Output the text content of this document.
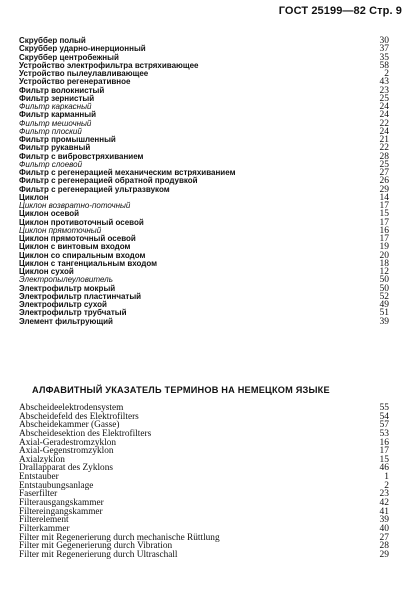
ГОСТ 25199—82 Стр. 9
Скруббер полый	30
Скруббер ударно-инерционный	37
Скруббер центробежный	35
Устройство электрофильтра встряхивающее	58
Устройство пылеулавливающее	2
Устройство регенеративное	43
Фильтр волокнистый	23
Фильтр зернистый	25
Фильтр каркасный	24
Фильтр карманный	24
Фильтр мешочный	22
Фильтр плоский	24
Фильтр промышленный	21
Фильтр рукавный	22
Фильтр с вибровстряхиванием	28
Фильтр слоевой	25
Фильтр с регенерацией механическим встряхиванием	27
Фильтр с регенерацией обратной продувкой	26
Фильтр с регенерацией ультразвуком	29
Циклон	14
Циклон возвратно-поточный	17
Циклон осевой	15
Циклон противоточный осевой	17
Циклон прямоточный	16
Циклон прямоточный осевой	17
Циклон с винтовым входом	19
Циклон со спиральным входом	20
Циклон с тангенциальным входом	18
Циклон сухой	12
Электропылеуловитель	50
Электрофильтр мокрый	50
Электрофильтр пластинчатый	52
Электрофильтр сухой	49
Электрофильтр трубчатый	51
Элемент фильтрующий	39
АЛФАВИТНЫЙ УКАЗАТЕЛЬ ТЕРМИНОВ НА НЕМЕЦКОМ ЯЗЫКЕ
Abscheideelektrodensystem	55
Abscheidefeld des Elektrofilters	54
Abscheidekammer (Gasse)	57
Abscheidesektion des Elektrofilters	53
Axial-Geradestromzyklon	16
Axial-Gegenstromzyklon	17
Axialzyklon	15
Drallapparat des Zyklons	46
Entstauber	1
Entstaubungsanlage	2
Faserfilter	23
Filterausgangskammer	42
Filtereingangskammer	41
Filterelement	39
Filterkammer	40
Filter mit Regenerierung durch mechanische Rüttlung	27
Filter mit Gegenerierung durch Vibration	28
Filter mit Regenerierung durch Ultraschall	29
